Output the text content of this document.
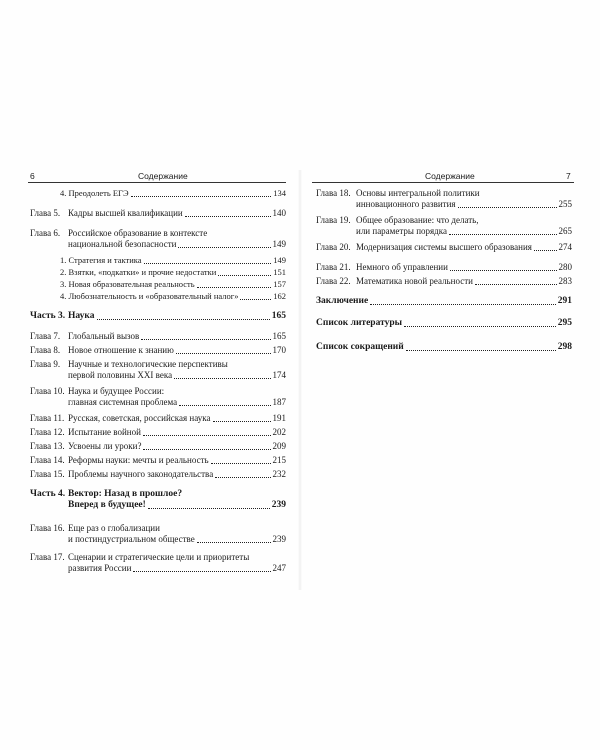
6	Содержание
4. Преодолеть ЕГЭ	134
Глава 5. Кадры высшей квалификации	140
Глава 6. Российское образование в контексте
национальной безопасности	149
1. Стратегия и тактика	149
2. Взятки, «подкатки» и прочие недостатки	151
3. Новая образовательная реальность	157
4. Любознательность и «образовательный налог»	162
Часть 3. Наука	165
Глава 7. Глобальный вызов	165
Глава 8. Новое отношение к знанию	170
Глава 9. Научные и технологические перспективы
первой половины XXI века	174
Глава 10. Наука и будущее России:
главная системная проблема	187
Глава 11. Русская, советская, российская наука	191
Глава 12. Испытание войной	202
Глава 13. Усвоены ли уроки?	209
Глава 14. Реформы науки: мечты и реальность	215
Глава 15. Проблемы научного законодательства	232
Часть 4. Вектор: Назад в прошлое?
Вперед в будущее!	239
Глава 16. Еще раз о глобализации
и постиндустриальном обществе	239
Глава 17. Сценарии и стратегические цели и приоритеты
развития России	247
Содержание	7
Глава 18. Основы интегральной политики
инновационного развития	255
Глава 19. Общее образование: что делать,
или параметры порядка	265
Глава 20. Модернизация системы высшего образования	274
Глава 21. Немного об управлении	280
Глава 22. Математика новой реальности	283
Заключение	291
Список литературы	295
Список сокращений	298
